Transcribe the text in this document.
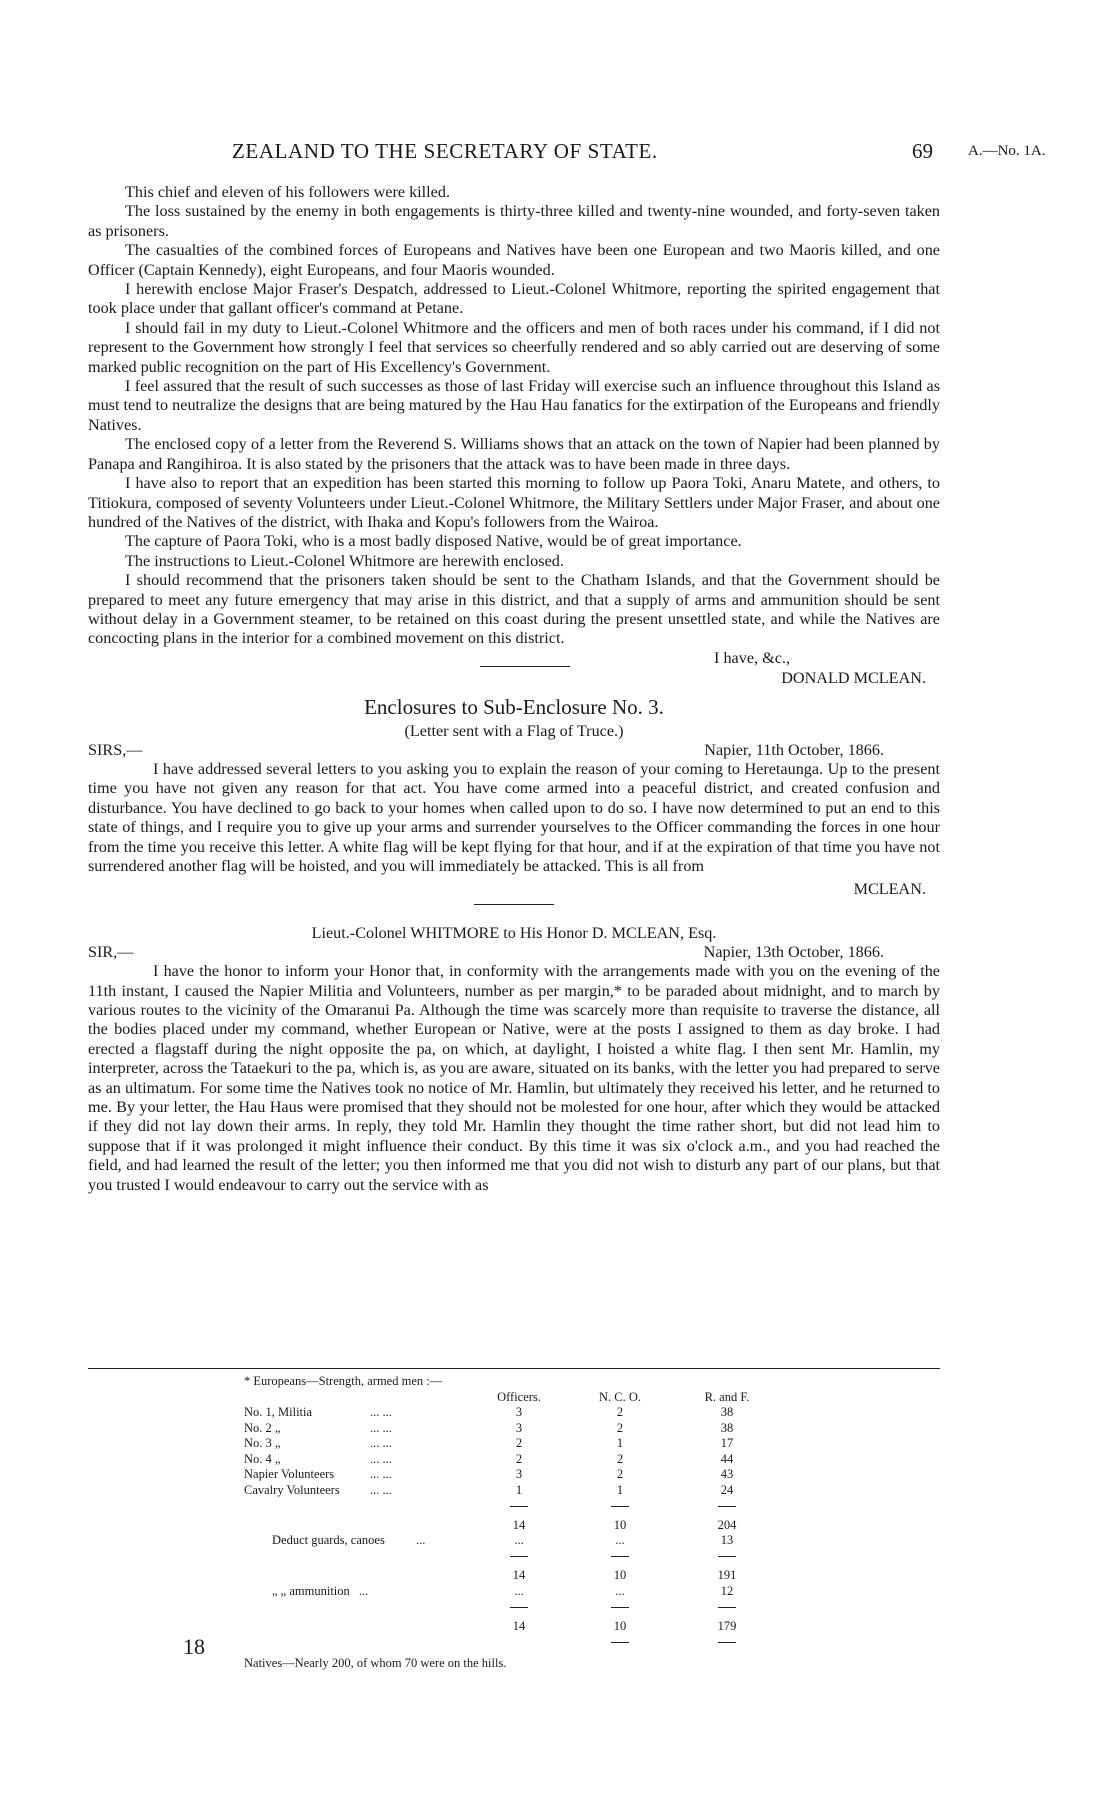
ZEALAND TO THE SECRETARY OF STATE.	69 A.—No. 1A.

This chief and eleven of his followers were killed.

The loss sustained by the enemy in both engagements is thirty-three killed and twenty-nine wounded, and forty-seven taken as prisoners.

The casualties of the combined forces of Europeans and Natives have been one European and two Maoris killed, and one Officer (Captain Kennedy), eight Europeans, and four Maoris wounded.

I herewith enclose Major Fraser's Despatch, addressed to Lieut.-Colonel Whitmore, reporting the spirited engagement that took place under that gallant officer's command at Petane.

I should fail in my duty to Lieut.-Colonel Whitmore and the officers and men of both races under his command, if I did not represent to the Government how strongly I feel that services so cheerfully rendered and so ably carried out are deserving of some marked public recognition on the part of His Excellency's Government.

I feel assured that the result of such successes as those of last Friday will exercise such an influence throughout this Island as must tend to neutralize the designs that are being matured by the Hau Hau fanatics for the extirpation of the Europeans and friendly Natives.

The enclosed copy of a letter from the Reverend S. Williams shows that an attack on the town of Napier had been planned by Panapa and Rangihiroa. It is also stated by the prisoners that the attack was to have been made in three days.

I have also to report that an expedition has been started this morning to follow up Paora Toki, Anaru Matete, and others, to Titiokura, composed of seventy Volunteers under Lieut.-Colonel Whitmore, the Military Settlers under Major Fraser, and about one hundred of the Natives of the district, with Ihaka and Kopu's followers from the Wairoa.

The capture of Paora Toki, who is a most badly disposed Native, would be of great importance.

The instructions to Lieut.-Colonel Whitmore are herewith enclosed.

I should recommend that the prisoners taken should be sent to the Chatham Islands, and that the Government should be prepared to meet any future emergency that may arise in this district, and that a supply of arms and ammunition should be sent without delay in a Government steamer, to be retained on this coast during the present unsettled state, and while the Natives are concocting plans in the interior for a combined movement on this district.

I have, &c.,

DONALD MCLEAN.

Enclosures to Sub-Enclosure No. 3.

(Letter sent with a Flag of Truce.)

SIRS,—	Napier, 11th October, 1866.

I have addressed several letters to you asking you to explain the reason of your coming to Heretaunga. Up to the present time you have not given any reason for that act. You have come armed into a peaceful district, and created confusion and disturbance. You have declined to go back to your homes when called upon to do so. I have now determined to put an end to this state of things, and I require you to give up your arms and surrender yourselves to the Officer commanding the forces in one hour from the time you receive this letter. A white flag will be kept flying for that hour, and if at the expiration of that time you have not surrendered another flag will be hoisted, and you will immediately be attacked. This is all from

MCLEAN.

Lieut.-Colonel WHITMORE to His Honor D. MCLEAN, Esq.

SIR,—	Napier, 13th October, 1866.

I have the honor to inform your Honor that, in conformity with the arrangements made with you on the evening of the 11th instant, I caused the Napier Militia and Volunteers, number as per margin,* to be paraded about midnight, and to march by various routes to the vicinity of the Omaranui Pa. Although the time was scarcely more than requisite to traverse the distance, all the bodies placed under my command, whether European or Native, were at the posts I assigned to them as day broke. I had erected a flagstaff during the night opposite the pa, on which, at daylight, I hoisted a white flag. I then sent Mr. Hamlin, my interpreter, across the Tataekuri to the pa, which is, as you are aware, situated on its banks, with the letter you had prepared to serve as an ultimatum. For some time the Natives took no notice of Mr. Hamlin, but ultimately they received his letter, and he returned to me. By your letter, the Hau Haus were promised that they should not be molested for one hour, after which they would be attacked if they did not lay down their arms. In reply, they told Mr. Hamlin they thought the time rather short, but did not lead him to suppose that if it was prolonged it might influence their conduct. By this time it was six o'clock a.m., and you had reached the field, and had learned the result of the letter; you then informed me that you did not wish to disturb any part of our plans, but that you trusted I would endeavour to carry out the service with as

* Europeans—Strength, armed men :—
		Officers.	N. C. O.	R. and F.
No. 1, Militia	... ...	3	2	38
No. 2 „	... ...	3	2	38
No. 3 „	... ...	2	1	17
No. 4 „	... ...	2	2	44
Napier Volunteers	... ...	3	2	43
Cavalry Volunteers	... ...	1	1	24

		14	10	204
Deduct guards, canoes ...		...	...	13

		14	10	191
„ „ ammunition ...		...	...	12

		14	10	179

Natives—Nearly 200, of whom 70 were on the hills.
18
